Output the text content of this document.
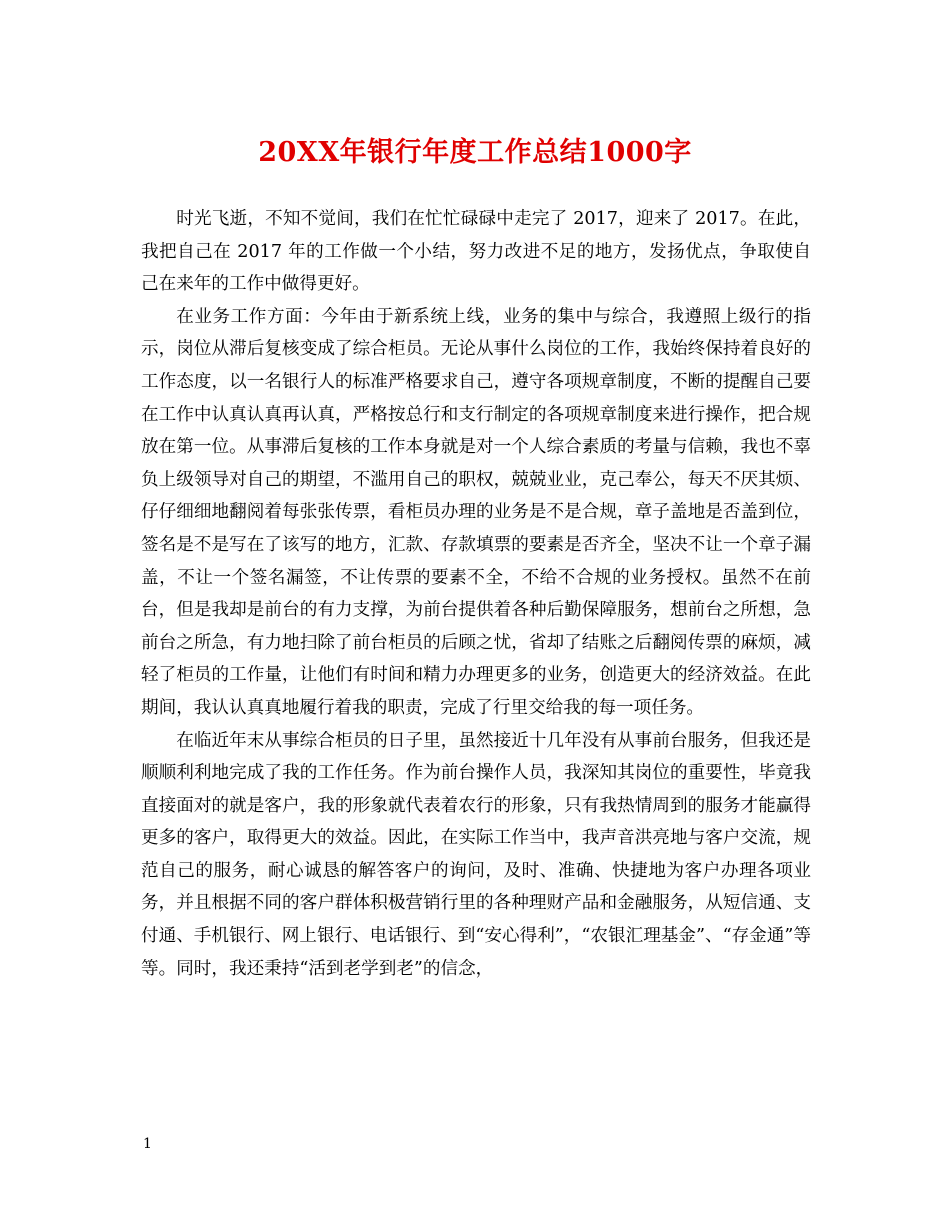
20XX年银行年度工作总结1000字

时光飞逝，不知不觉间，我们在忙忙碌碌中走完了 2017，迎来了 2017。在此，我把自己在 2017 年的工作做一个小结，努力改进不足的地方，发扬优点，争取使自己在来年的工作中做得更好。

在业务工作方面：今年由于新系统上线，业务的集中与综合，我遵照上级行的指示，岗位从滞后复核变成了综合柜员。无论从事什么岗位的工作，我始终保持着良好的工作态度，以一名银行人的标准严格要求自己，遵守各项规章制度，不断的提醒自己要在工作中认真认真再认真，严格按总行和支行制定的各项规章制度来进行操作，把合规放在第一位。从事滞后复核的工作本身就是对一个人综合素质的考量与信赖，我也不辜负上级领导对自己的期望，不滥用自己的职权，兢兢业业，克己奉公，每天不厌其烦、仔仔细细地翻阅着每张张传票，看柜员办理的业务是不是合规，章子盖地是否盖到位，签名是不是写在了该写的地方，汇款、存款填票的要素是否齐全，坚决不让一个章子漏盖，不让一个签名漏签，不让传票的要素不全，不给不合规的业务授权。虽然不在前台，但是我却是前台的有力支撑，为前台提供着各种后勤保障服务，想前台之所想，急前台之所急，有力地扫除了前台柜员的后顾之忧，省却了结账之后翻阅传票的麻烦，减轻了柜员的工作量，让他们有时间和精力办理更多的业务，创造更大的经济效益。在此期间，我认认真真地履行着我的职责，完成了行里交给我的每一项任务。

在临近年末从事综合柜员的日子里，虽然接近十几年没有从事前台服务，但我还是顺顺利利地完成了我的工作任务。作为前台操作人员，我深知其岗位的重要性，毕竟我直接面对的就是客户，我的形象就代表着农行的形象，只有我热情周到的服务才能赢得更多的客户，取得更大的效益。因此，在实际工作当中，我声音洪亮地与客户交流，规范自己的服务，耐心诚恳的解答客户的询问，及时、准确、快捷地为客户办理各项业务，并且根据不同的客户群体积极营销行里的各种理财产品和金融服务，从短信通、支付通、手机银行、网上银行、电话银行、到“安心得利”，“农银汇理基金”、“存金通”等等。同时，我还秉持“活到老学到老”的信念，

1
